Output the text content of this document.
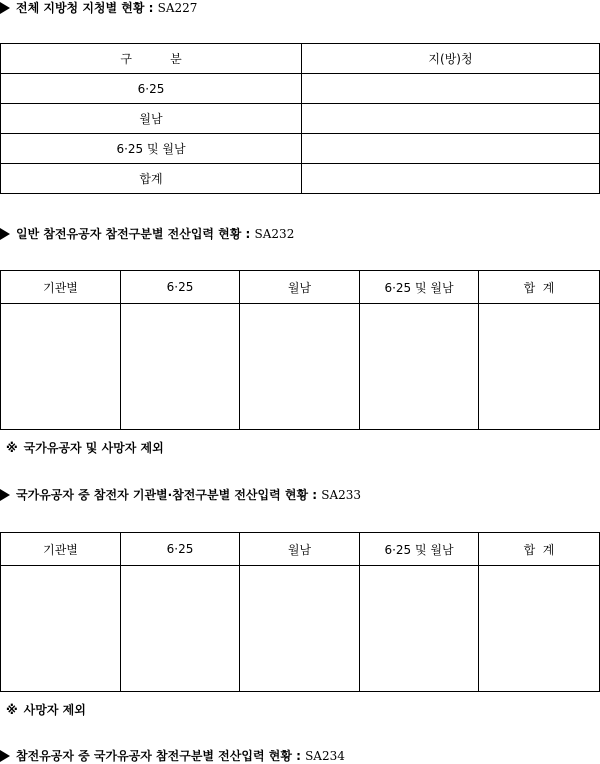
전체 지방청 지청별 현황 : SA227
구          분	지(방)청
6·25	
월남	
6·25 및 월남	
합계	
일반 참전유공자 참전구분별 전산입력 현황 : SA232
기관별	6·25	월남	6·25 및 월남	합  계

※ 국가유공자 및 사망자 제외
국가유공자 중 참전자 기관별·참전구분별 전산입력 현황 : SA233
기관별	6·25	월남	6·25 및 월남	합  계

※ 사망자 제외
참전유공자 중 국가유공자 참전구분별 전산입력 현황 : SA234
